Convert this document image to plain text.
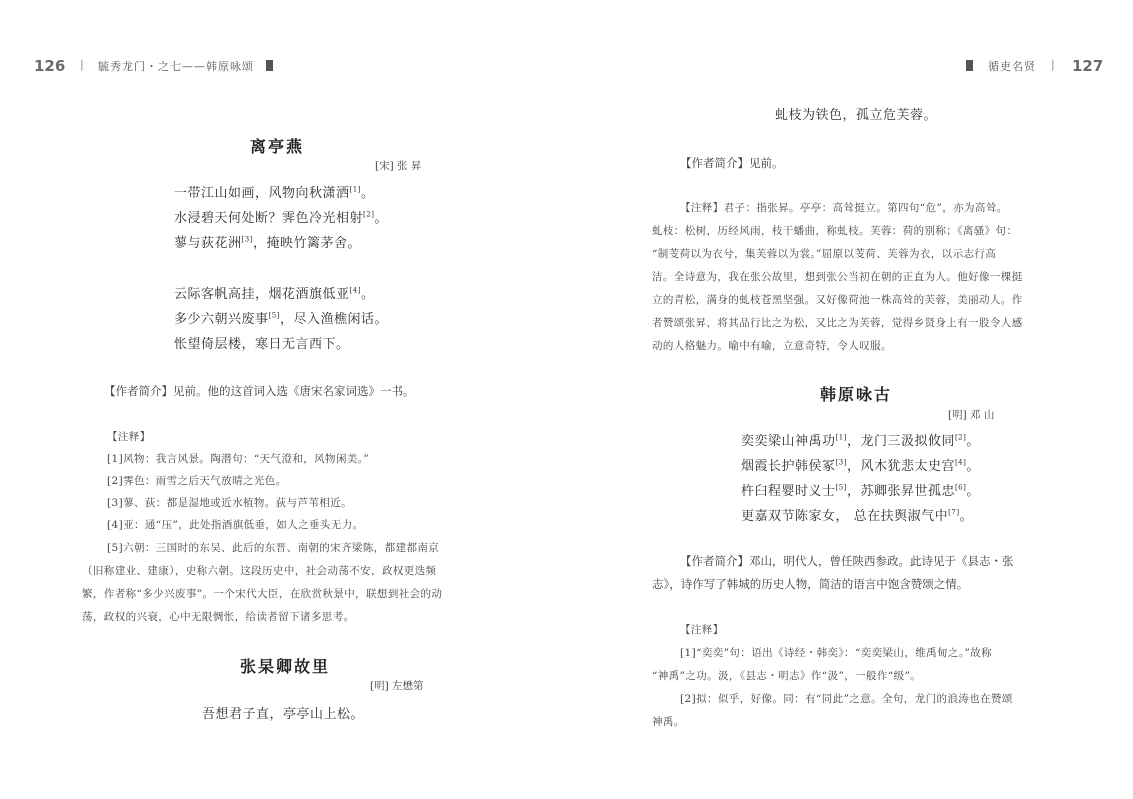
126 | 毓秀龙门・之七——韩原咏颂	循吏名贤 | 127
离亭燕
[宋] 张 昇
一带江山如画，风物向秋潇洒[1]。
水浸碧天何处断？霁色冷光相射[2]。
蓼与荻花洲[3]，掩映竹篱茅舍。
云际客帆高挂，烟花酒旗低亚[4]。
多少六朝兴废事[5]，尽入渔樵闲话。
怅望倚层楼，寒日无言西下。
【作者简介】见前。他的这首词入选《唐宋名家词选》一书。
【注释】
[1]风物：我言风景。陶潜句：“天气澄和，风物闲美。”
[2]霁色：雨雪之后天气放晴之光色。
[3]蓼、荻：都是湿地或近水植物。荻与芦苇相近。
[4]亚：通“压”，此处指酒旗低垂，如人之垂头无力。
[5]六朝：三国时的东吴、此后的东晋、南朝的宋齐梁陈，都建都南京
（旧称建业、建康），史称六朝。这段历史中，社会动荡不安，政权更迭频
繁，作者称“多少兴废事”。一个宋代大臣，在欣赏秋景中，联想到社会的动
荡，政权的兴衰，心中无限惆怅，给读者留下诸多思考。
张杲卿故里
[明] 左懋第
吾想君子直，亭亭山上松。
虬枝为铁色，孤立危芙蓉。
【作者简介】见前。
【注释】君子：指张昇。亭亭：高耸挺立。第四句“危”，亦为高耸。
虬枝：松树，历经风雨，枝干蟠曲，称虬枝。芙蓉：荷的别称；《离骚》句：
“制芰荷以为衣兮，集芙蓉以为裳。”屈原以芰荷、芙蓉为衣，以示志行高
洁。全诗意为，我在张公故里，想到张公当初在朝的正直为人。他好像一棵挺
立的青松，满身的虬枝苍黑坚强。又好像荷池一株高耸的芙蓉，美丽动人。作
者赞颂张昇，将其品行比之为松，又比之为芙蓉，觉得乡贤身上有一股令人感
动的人格魅力。喻中有喻，立意奇特，令人叹服。
韩原咏古
[明] 邓 山
奕奕梁山神禹功[1]，龙门三汲拟攸同[2]。
烟霞长护韩侯冢[3]，风木犹悲太史宫[4]。
杵臼程婴时义士[5]，苏卿张昇世孤忠[6]。
更嘉双节陈家女， 总在扶舆淑气中[7]。
【作者简介】邓山，明代人，曾任陕西参政。此诗见于《县志・张
志》，诗作写了韩城的历史人物，简洁的语言中饱含赞颂之情。
【注释】
[1]“奕奕”句：语出《诗经・韩奕》：“奕奕梁山，维禹甸之。”故称
“神禹”之功。汲，《县志・明志》作“汲”，一般作“级”。
[2]拟：似乎，好像。同：有“同此”之意。全句，龙门的浪涛也在赞颂
神禹。
